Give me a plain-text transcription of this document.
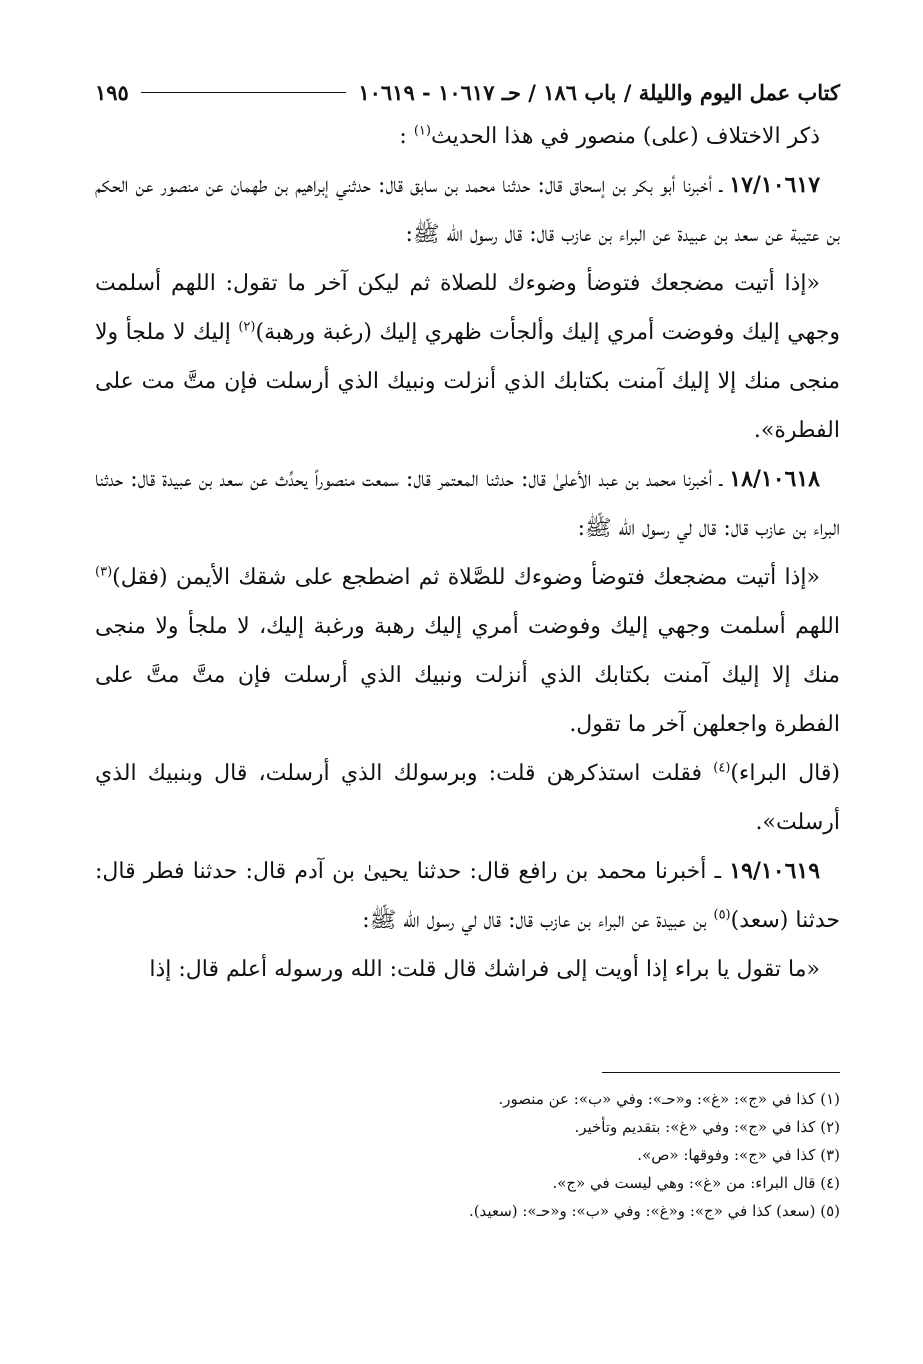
كتاب عمل اليوم والليلة / باب ١٨٦ / حـ ١٠٦١٧ - ١٠٦١٩
١٩٥

ذكر الاختلاف (على) منصور في هذا الحديث$^{(١)}$ :

١٧/١٠٦١٧ ـ أخبرنا أبو بكر بن إسحاق قال: حدثنا محمد بن سابق قال: حدثني إبراهيم بن طهمان عن منصور عن الحكم بن عتيبة عن سعد بن عبيدة عن البراء بن عازب قال: قال رسول الله ﷺ:

«إذا أتيت مضجعك فتوضأ وضوءك للصلاة ثم ليكن آخر ما تقول: اللهم أسلمت وجهي إليك وفوضت أمري إليك وألجأت ظهري إليك (رغبة ورهبة)$^{(٢)}$ إليك لا ملجأ ولا منجى منك إلا إليك آمنت بكتابك الذي أنزلت ونبيك الذي أرسلت فإن متَّ مت على الفطرة».

١٨/١٠٦١٨ ـ أخبرنا محمد بن عبد الأعلىٰ قال: حدثنا المعتمر قال: سمعت منصوراً يحدِّث عن سعد بن عبيدة قال: حدثنا البراء بن عازب قال: قال لي رسول الله ﷺ:

«إذا أتيت مضجعك فتوضأ وضوءك للصَّلاة ثم اضطجع على شقك الأيمن (فقل)$^{(٣)}$ اللهم أسلمت وجهي إليك وفوضت أمري إليك رهبة ورغبة إليك، لا ملجأ ولا منجى منك إلا إليك آمنت بكتابك الذي أنزلت ونبيك الذي أرسلت فإن متَّ متَّ على الفطرة واجعلهن آخر ما تقول.

(قال البراء)$^{(٤)}$ فقلت استذكرهن قلت: وبرسولك الذي أرسلت، قال وبنبيك الذي أرسلت».

١٩/١٠٦١٩ ـ أخبرنا محمد بن رافع قال: حدثنا يحيىٰ بن آدم قال: حدثنا فطر قال: حدثنا (سعد)$^{(٥)}$ بن عبيدة عن البراء بن عازب قال: قال لي رسول الله ﷺ:

«ما تقول يا براء إذا أويت إلى فراشك قال قلت: الله ورسوله أعلم قال: إذا

(١) كذا في «ج»: «غ»: و«حـ»: وفي «ب»: عن منصور.
(٢) كذا في «ج»: وفي «غ»: بتقديم وتأخير.
(٣) كذا في «ج»: وفوقها: «ص».
(٤) قال البراء: من «غ»: وهي ليست في «ج».
(٥) (سعد) كذا في «ج»: و«غ»: وفي «ب»: و«حـ»: (سعيد).
